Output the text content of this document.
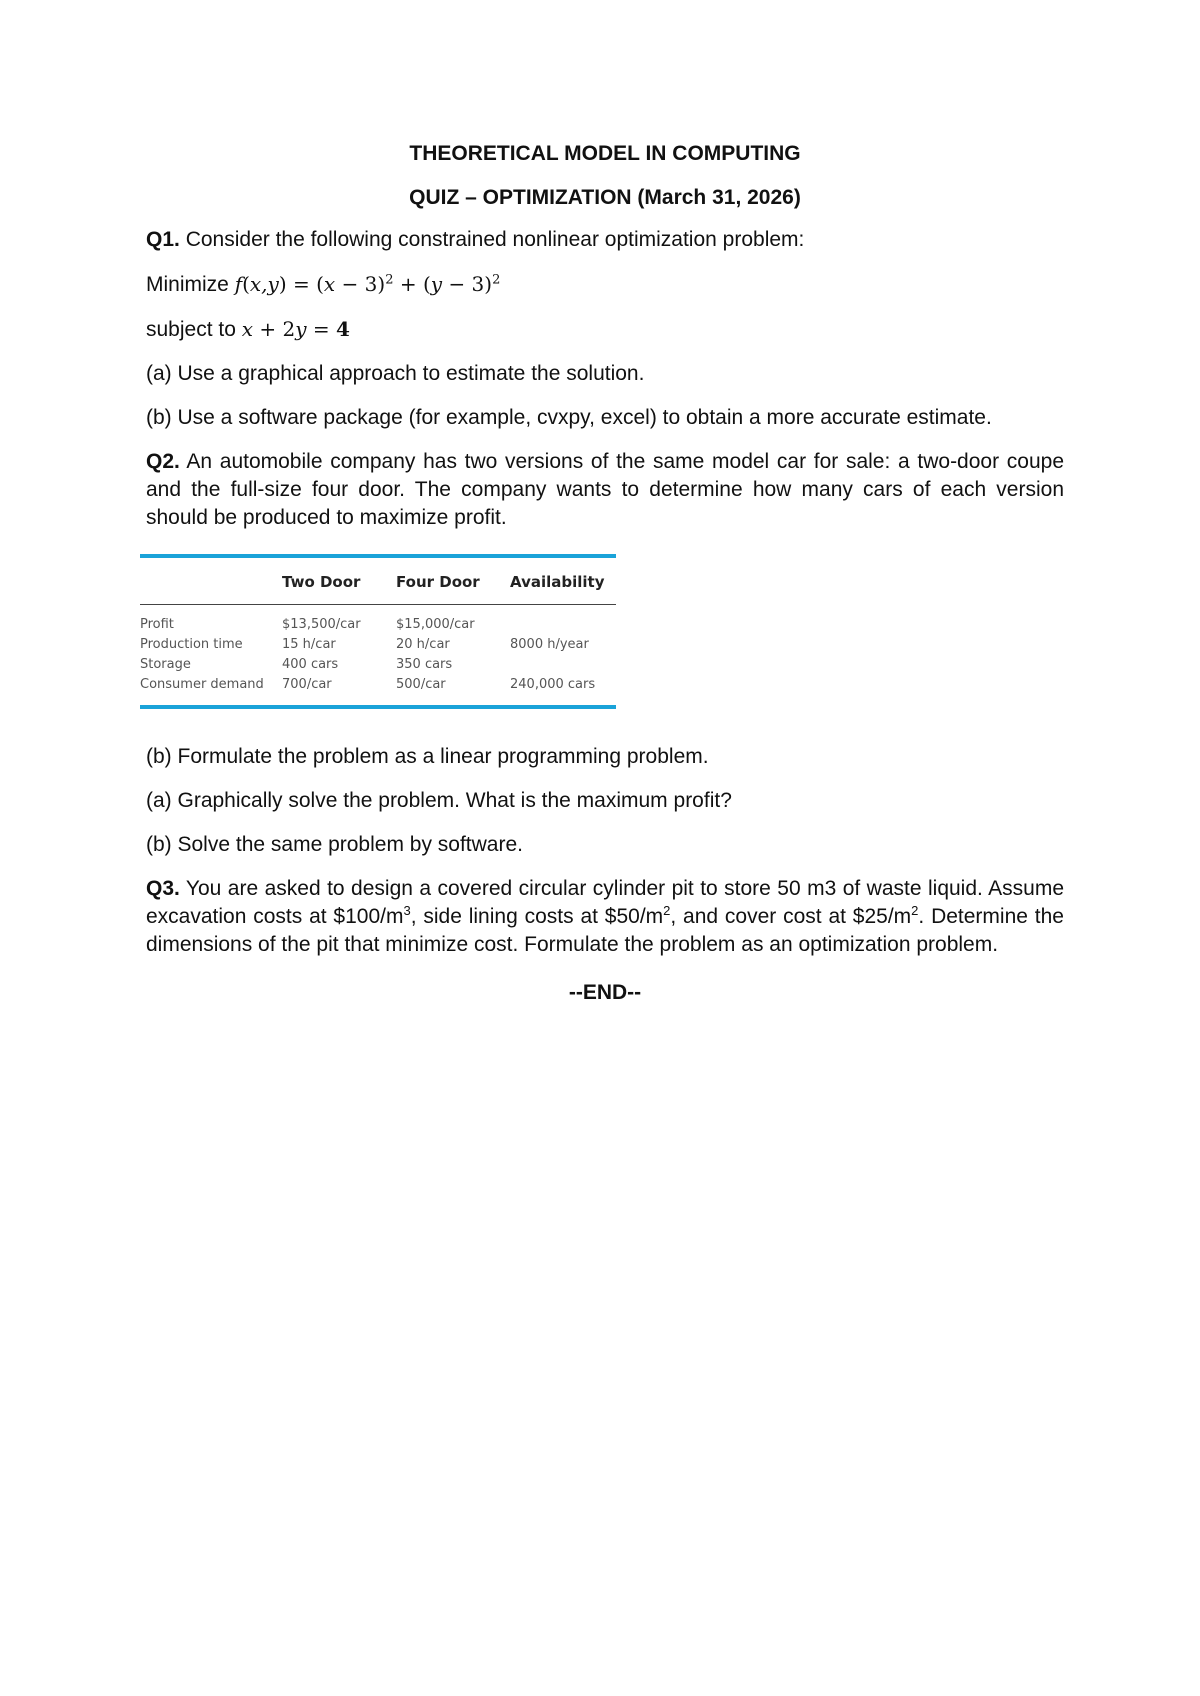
THEORETICAL MODEL IN COMPUTING
QUIZ – OPTIMIZATION (March 31, 2026)

Q1. Consider the following constrained nonlinear optimization problem:

Minimize $f(x,y) = (x - 3)^2 + (y - 3)^2$

subject to x + 2y = 4

(a) Use a graphical approach to estimate the solution.

(b) Use a software package (for example, cvxpy, excel) to obtain a more accurate estimate.

Q2. An automobile company has two versions of the same model car for sale: a two-door coupe and the full-size four door. The company wants to determine how many cars of each version should be produced to maximize profit.

	Two Door	Four Door	Availability
Profit	$13,500/car	$15,000/car	
Production time	15 h/car	20 h/car	8000 h/year
Storage	400 cars	350 cars	
Consumer demand	700/car	500/car	240,000 cars

(b) Formulate the problem as a linear programming problem.

(a) Graphically solve the problem. What is the maximum profit?

(b) Solve the same problem by software.

Q3. You are asked to design a covered circular cylinder pit to store 50 m3 of waste liquid. Assume excavation costs at $\$100/m^3$, side lining costs at $\$50/m^2$, and cover cost at $\$25/m^2$. Determine the dimensions of the pit that minimize cost. Formulate the problem as an optimization problem.

--END--
